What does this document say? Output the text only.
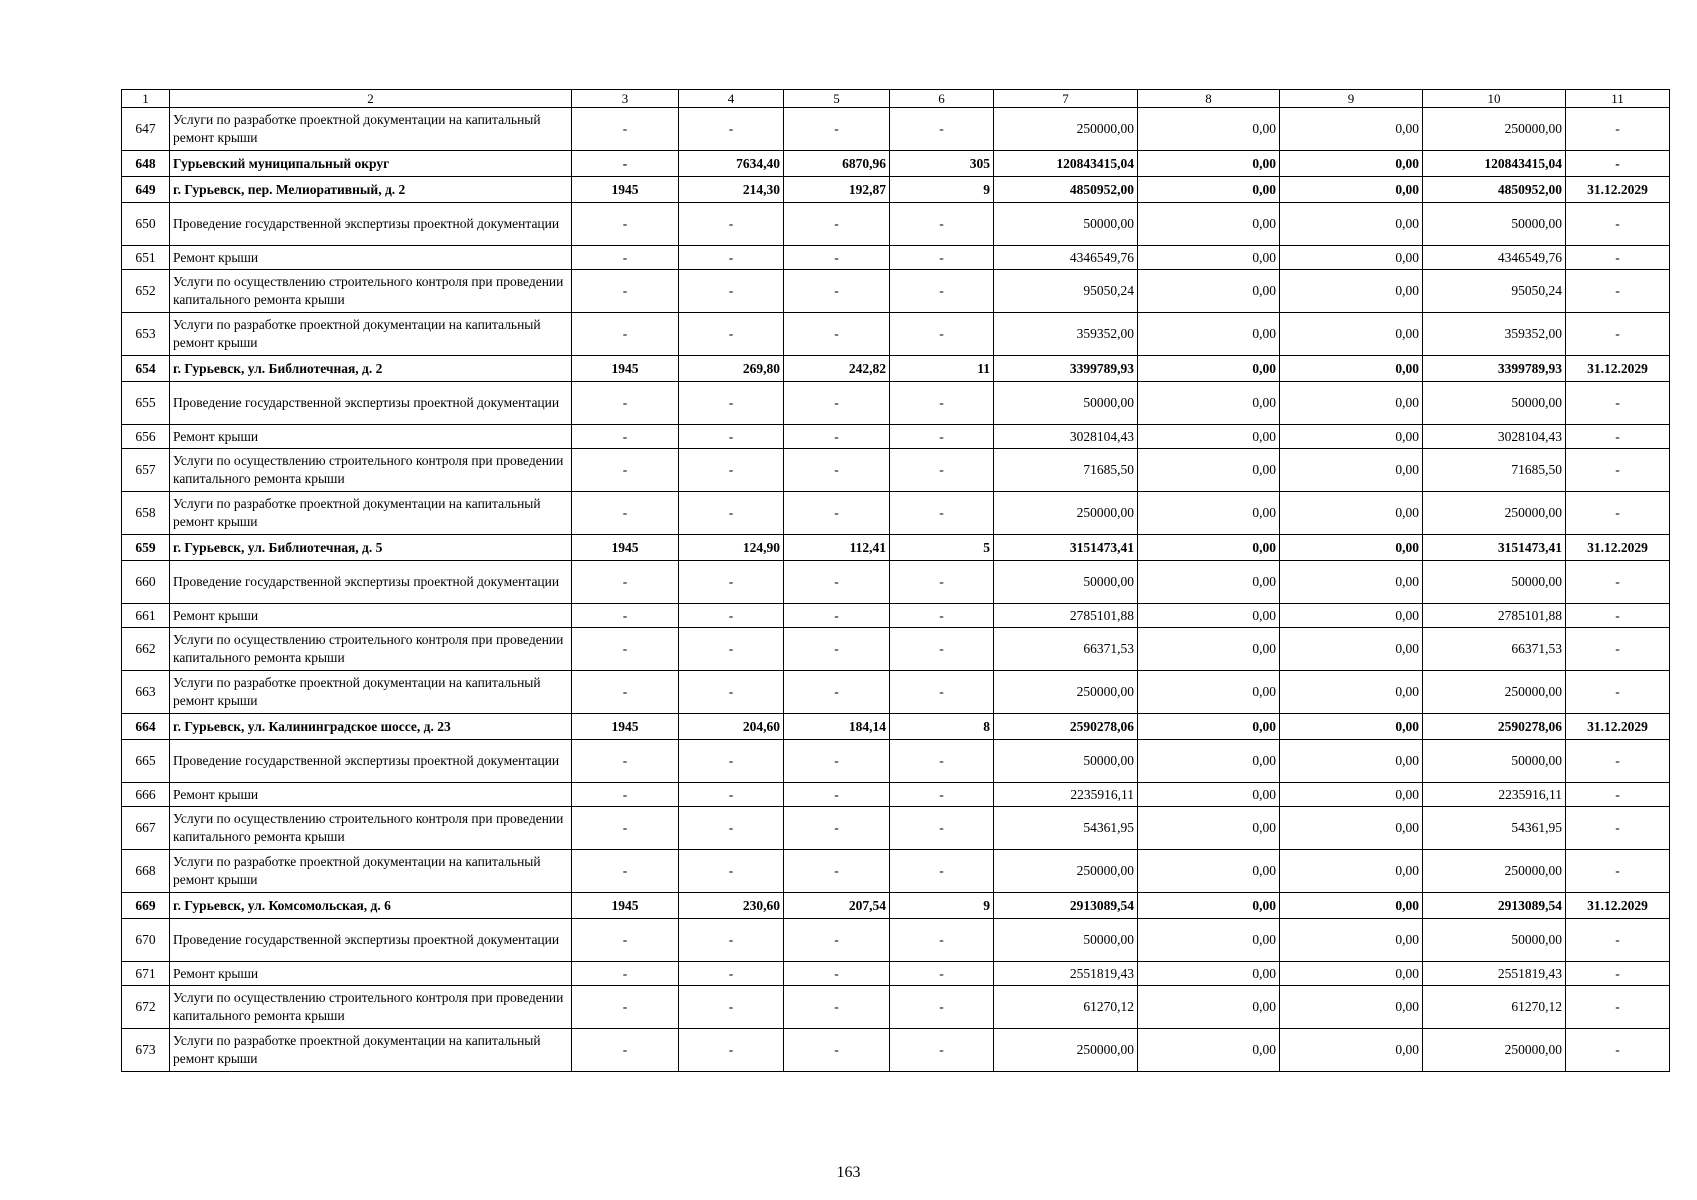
1	2	3	4	5	6	7	8	9	10	11
647	Услуги по разработке проектной документации на капитальный ремонт крыши	-	-	-	-	250000,00	0,00	0,00	250000,00	-
648	Гурьевский муниципальный округ	-	7634,40	6870,96	305	120843415,04	0,00	0,00	120843415,04	-
649	г. Гурьевск, пер. Мелиоративный, д. 2	1945	214,30	192,87	9	4850952,00	0,00	0,00	4850952,00	31.12.2029
650	Проведение государственной экспертизы проектной документации	-	-	-	-	50000,00	0,00	0,00	50000,00	-
651	Ремонт крыши	-	-	-	-	4346549,76	0,00	0,00	4346549,76	-
652	Услуги по осуществлению строительного контроля при проведении капитального ремонта крыши	-	-	-	-	95050,24	0,00	0,00	95050,24	-
653	Услуги по разработке проектной документации на капитальный ремонт крыши	-	-	-	-	359352,00	0,00	0,00	359352,00	-
654	г. Гурьевск, ул. Библиотечная, д. 2	1945	269,80	242,82	11	3399789,93	0,00	0,00	3399789,93	31.12.2029
655	Проведение государственной экспертизы проектной документации	-	-	-	-	50000,00	0,00	0,00	50000,00	-
656	Ремонт крыши	-	-	-	-	3028104,43	0,00	0,00	3028104,43	-
657	Услуги по осуществлению строительного контроля при проведении капитального ремонта крыши	-	-	-	-	71685,50	0,00	0,00	71685,50	-
658	Услуги по разработке проектной документации на капитальный ремонт крыши	-	-	-	-	250000,00	0,00	0,00	250000,00	-
659	г. Гурьевск, ул. Библиотечная, д. 5	1945	124,90	112,41	5	3151473,41	0,00	0,00	3151473,41	31.12.2029
660	Проведение государственной экспертизы проектной документации	-	-	-	-	50000,00	0,00	0,00	50000,00	-
661	Ремонт крыши	-	-	-	-	2785101,88	0,00	0,00	2785101,88	-
662	Услуги по осуществлению строительного контроля при проведении капитального ремонта крыши	-	-	-	-	66371,53	0,00	0,00	66371,53	-
663	Услуги по разработке проектной документации на капитальный ремонт крыши	-	-	-	-	250000,00	0,00	0,00	250000,00	-
664	г. Гурьевск, ул. Калининградское шоссе, д. 23	1945	204,60	184,14	8	2590278,06	0,00	0,00	2590278,06	31.12.2029
665	Проведение государственной экспертизы проектной документации	-	-	-	-	50000,00	0,00	0,00	50000,00	-
666	Ремонт крыши	-	-	-	-	2235916,11	0,00	0,00	2235916,11	-
667	Услуги по осуществлению строительного контроля при проведении капитального ремонта крыши	-	-	-	-	54361,95	0,00	0,00	54361,95	-
668	Услуги по разработке проектной документации на капитальный ремонт крыши	-	-	-	-	250000,00	0,00	0,00	250000,00	-
669	г. Гурьевск, ул. Комсомольская, д. 6	1945	230,60	207,54	9	2913089,54	0,00	0,00	2913089,54	31.12.2029
670	Проведение государственной экспертизы проектной документации	-	-	-	-	50000,00	0,00	0,00	50000,00	-
671	Ремонт крыши	-	-	-	-	2551819,43	0,00	0,00	2551819,43	-
672	Услуги по осуществлению строительного контроля при проведении капитального ремонта крыши	-	-	-	-	61270,12	0,00	0,00	61270,12	-
673	Услуги по разработке проектной документации на капитальный ремонт крыши	-	-	-	-	250000,00	0,00	0,00	250000,00	-
163
